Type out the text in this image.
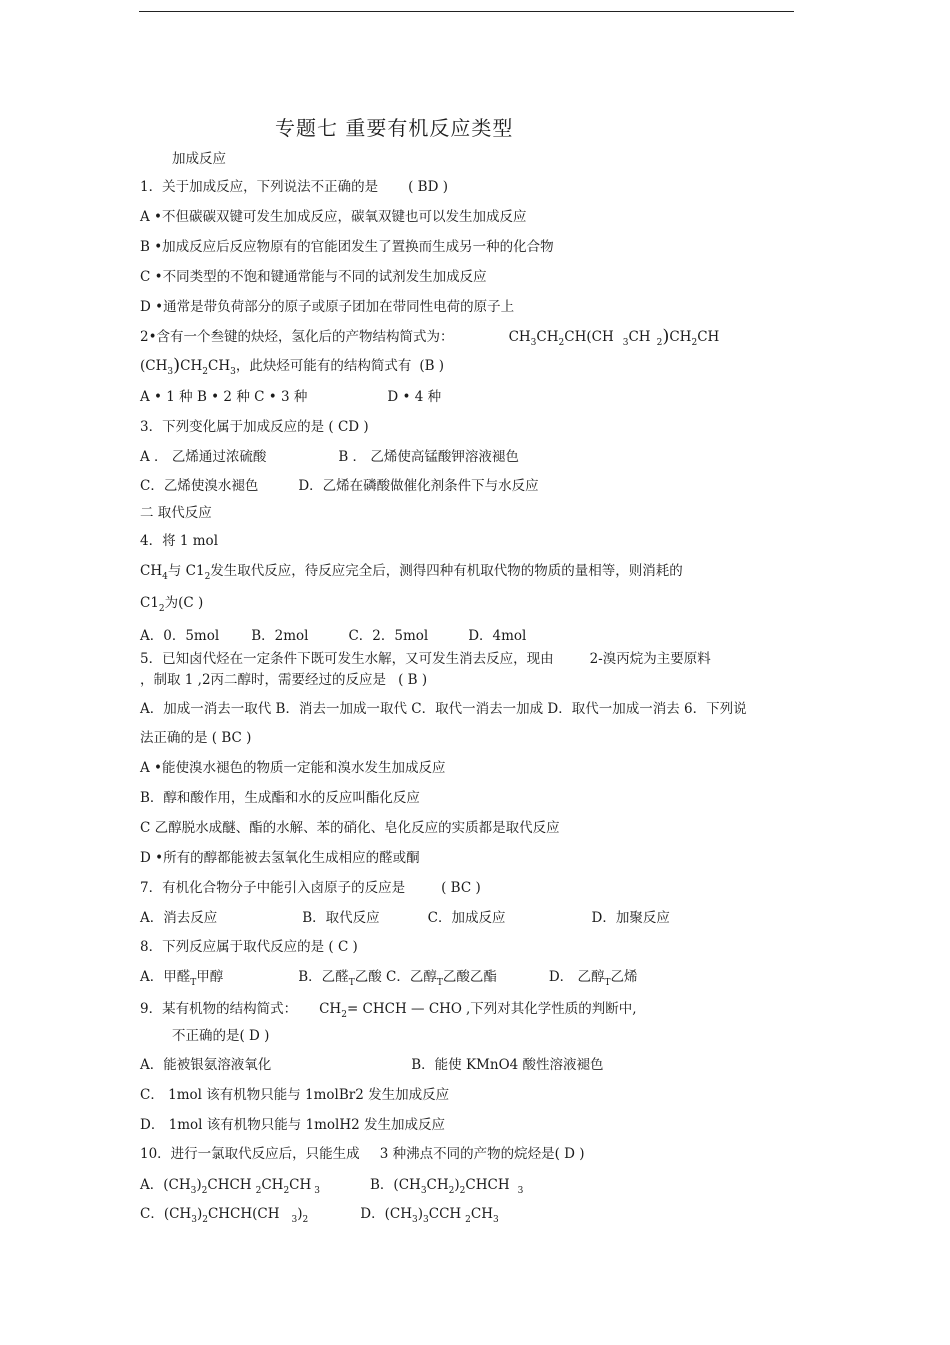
专题七 重要有机反应类型
加成反应
1．关于加成反应，下列说法不正确的是 ( BD )
A •不但碳碳双键可发生加成反应，碳氧双键也可以发生加成反应
B •加成反应后反应物原有的官能团发生了置换而生成另一种的化合物
C •不同类型的不饱和键通常能与不同的试剂发生加成反应
D •通常是带负荷部分的原子或原子团加在带同性电荷的原子上
2•含有一个叁键的炔烃，氢化后的产物结构简式为：	$CH_3CH_2CH(CH$ $_3$CH $_2)CH_2CH$
$(CH_3)CH_2CH_3$，此炔烃可能有的结构简式有 (B )
A • 1 种 B • 2 种 C • 3 种	D • 4 种
3．下列变化属于加成反应的是 ( CD )
A ． 乙烯通过浓硫酸	B ． 乙烯使高锰酸钾溶液褪色
C．乙烯使溴水褪色	D．乙烯在磷酸做催化剂条件下与水反应
二 取代反应
4．将 1 mol
$CH_4$与 $C1_2$发生取代反应，待反应完全后，测得四种有机取代物的物质的量相等，则消耗的
$C1_2$为(C )
A．0．5mol B．2mol	C．2．5mol	D．4mol
5．已知卤代烃在一定条件下既可发生水解，又可发生消去反应，现由	2-溴丙烷为主要原料
，制取 1 ,2丙二醇时，需要经过的反应是 ( B )
A．加成一消去一取代 B．消去一加成一取代 C．取代一消去一加成 D．取代一加成一消去 6．下列说
法正确的是 ( BC )
A •能使溴水褪色的物质一定能和溴水发生加成反应
B．醇和酸作用，生成酯和水的反应叫酯化反应
C 乙醇脱水成醚、酯的水解、苯的硝化、皂化反应的实质都是取代反应
D •所有的醇都能被去氢氧化生成相应的醛或酮
7．有机化合物分子中能引入卤原子的反应是	( BC )
A．消去反应	B．取代反应	C．加成反应	D．加聚反应
8．下列反应属于取代反应的是 ( C )
A．甲醛$_T$甲醇	B．乙醛$_T$乙酸 C．乙醇$_T$乙酸乙酯	D． 乙醇$_T$乙烯
9．某有机物的结构简式： $CH_2=$ CHCH — CHO ,下列对其化学性质的判断中,
不正确的是( D )
A．能被银氨溶液氧化	B．能使 KMnO4 酸性溶液褪色
C． 1mol 该有机物只能与 1molBr2 发生加成反应
D． 1mol 该有机物只能与 1molH2 发生加成反应
10．进行一氯取代反应后，只能生成 3 种沸点不同的产物的烷烃是( D )
A．$(CH_3)_2CHCH$ $_2CH_2CH$ $_3$	B．$(CH_3CH_2)_2CHCH$ $_3$
C．$(CH_3)_2CHCH(CH$ $_3)_2$	D．$(CH_3)_3CCH$ $_2CH_3$
